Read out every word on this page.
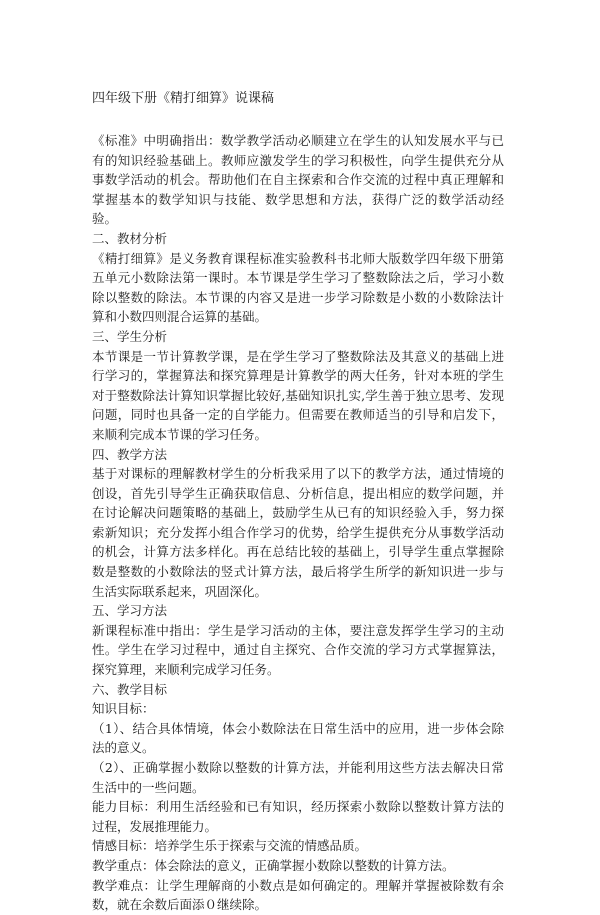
四年级下册《精打细算》说课稿

《标准》中明确指出：数学教学活动必顺建立在学生的认知发展水平与已有的知识经验基础上。教师应激发学生的学习积极性，向学生提供充分从事数学活动的机会。帮助他们在自主探索和合作交流的过程中真正理解和掌握基本的数学知识与技能、数学思想和方法，获得广泛的数学活动经验。

二、教材分析

《精打细算》是义务教育课程标准实验教科书北师大版数学四年级下册第五单元小数除法第一课时。本节课是学生学习了整数除法之后，学习小数除以整数的除法。本节课的内容又是进一步学习除数是小数的小数除法计算和小数四则混合运算的基础。

三、学生分析

本节课是一节计算教学课，是在学生学习了整数除法及其意义的基础上进行学习的，掌握算法和探究算理是计算教学的两大任务，针对本班的学生对于整数除法计算知识掌握比较好,基础知识扎实,学生善于独立思考、发现问题，同时也具备一定的自学能力。但需要在教师适当的引导和启发下，来顺利完成本节课的学习任务。

四、教学方法

基于对课标的理解教材学生的分析我采用了以下的教学方法，通过情境的创设，首先引导学生正确获取信息、分析信息，提出相应的数学问题，并在讨论解决问题策略的基础上，鼓励学生从已有的知识经验入手，努力探索新知识；充分发挥小组合作学习的优势，给学生提供充分从事数学活动的机会，计算方法多样化。再在总结比较的基础上，引导学生重点掌握除数是整数的小数除法的竖式计算方法，最后将学生所学的新知识进一步与生活实际联系起来，巩固深化。

五、学习方法

新课程标准中指出：学生是学习活动的主体，要注意发挥学生学习的主动性。学生在学习过程中，通过自主探究、合作交流的学习方式掌握算法，探究算理，来顺利完成学习任务。

六、教学目标

知识目标：

（1）、结合具体情境，体会小数除法在日常生活中的应用，进一步体会除法的意义。

（2）、正确掌握小数除以整数的计算方法，并能利用这些方法去解决日常生活中的一些问题。

能力目标：利用生活经验和已有知识，经历探索小数除以整数计算方法的过程，发展推理能力。

情感目标：培养学生乐于探索与交流的情感品质。

教学重点：体会除法的意义，正确掌握小数除以整数的计算方法。

教学难点：让学生理解商的小数点是如何确定的。理解并掌握被除数有余数，就在余数后面添０继续除。
